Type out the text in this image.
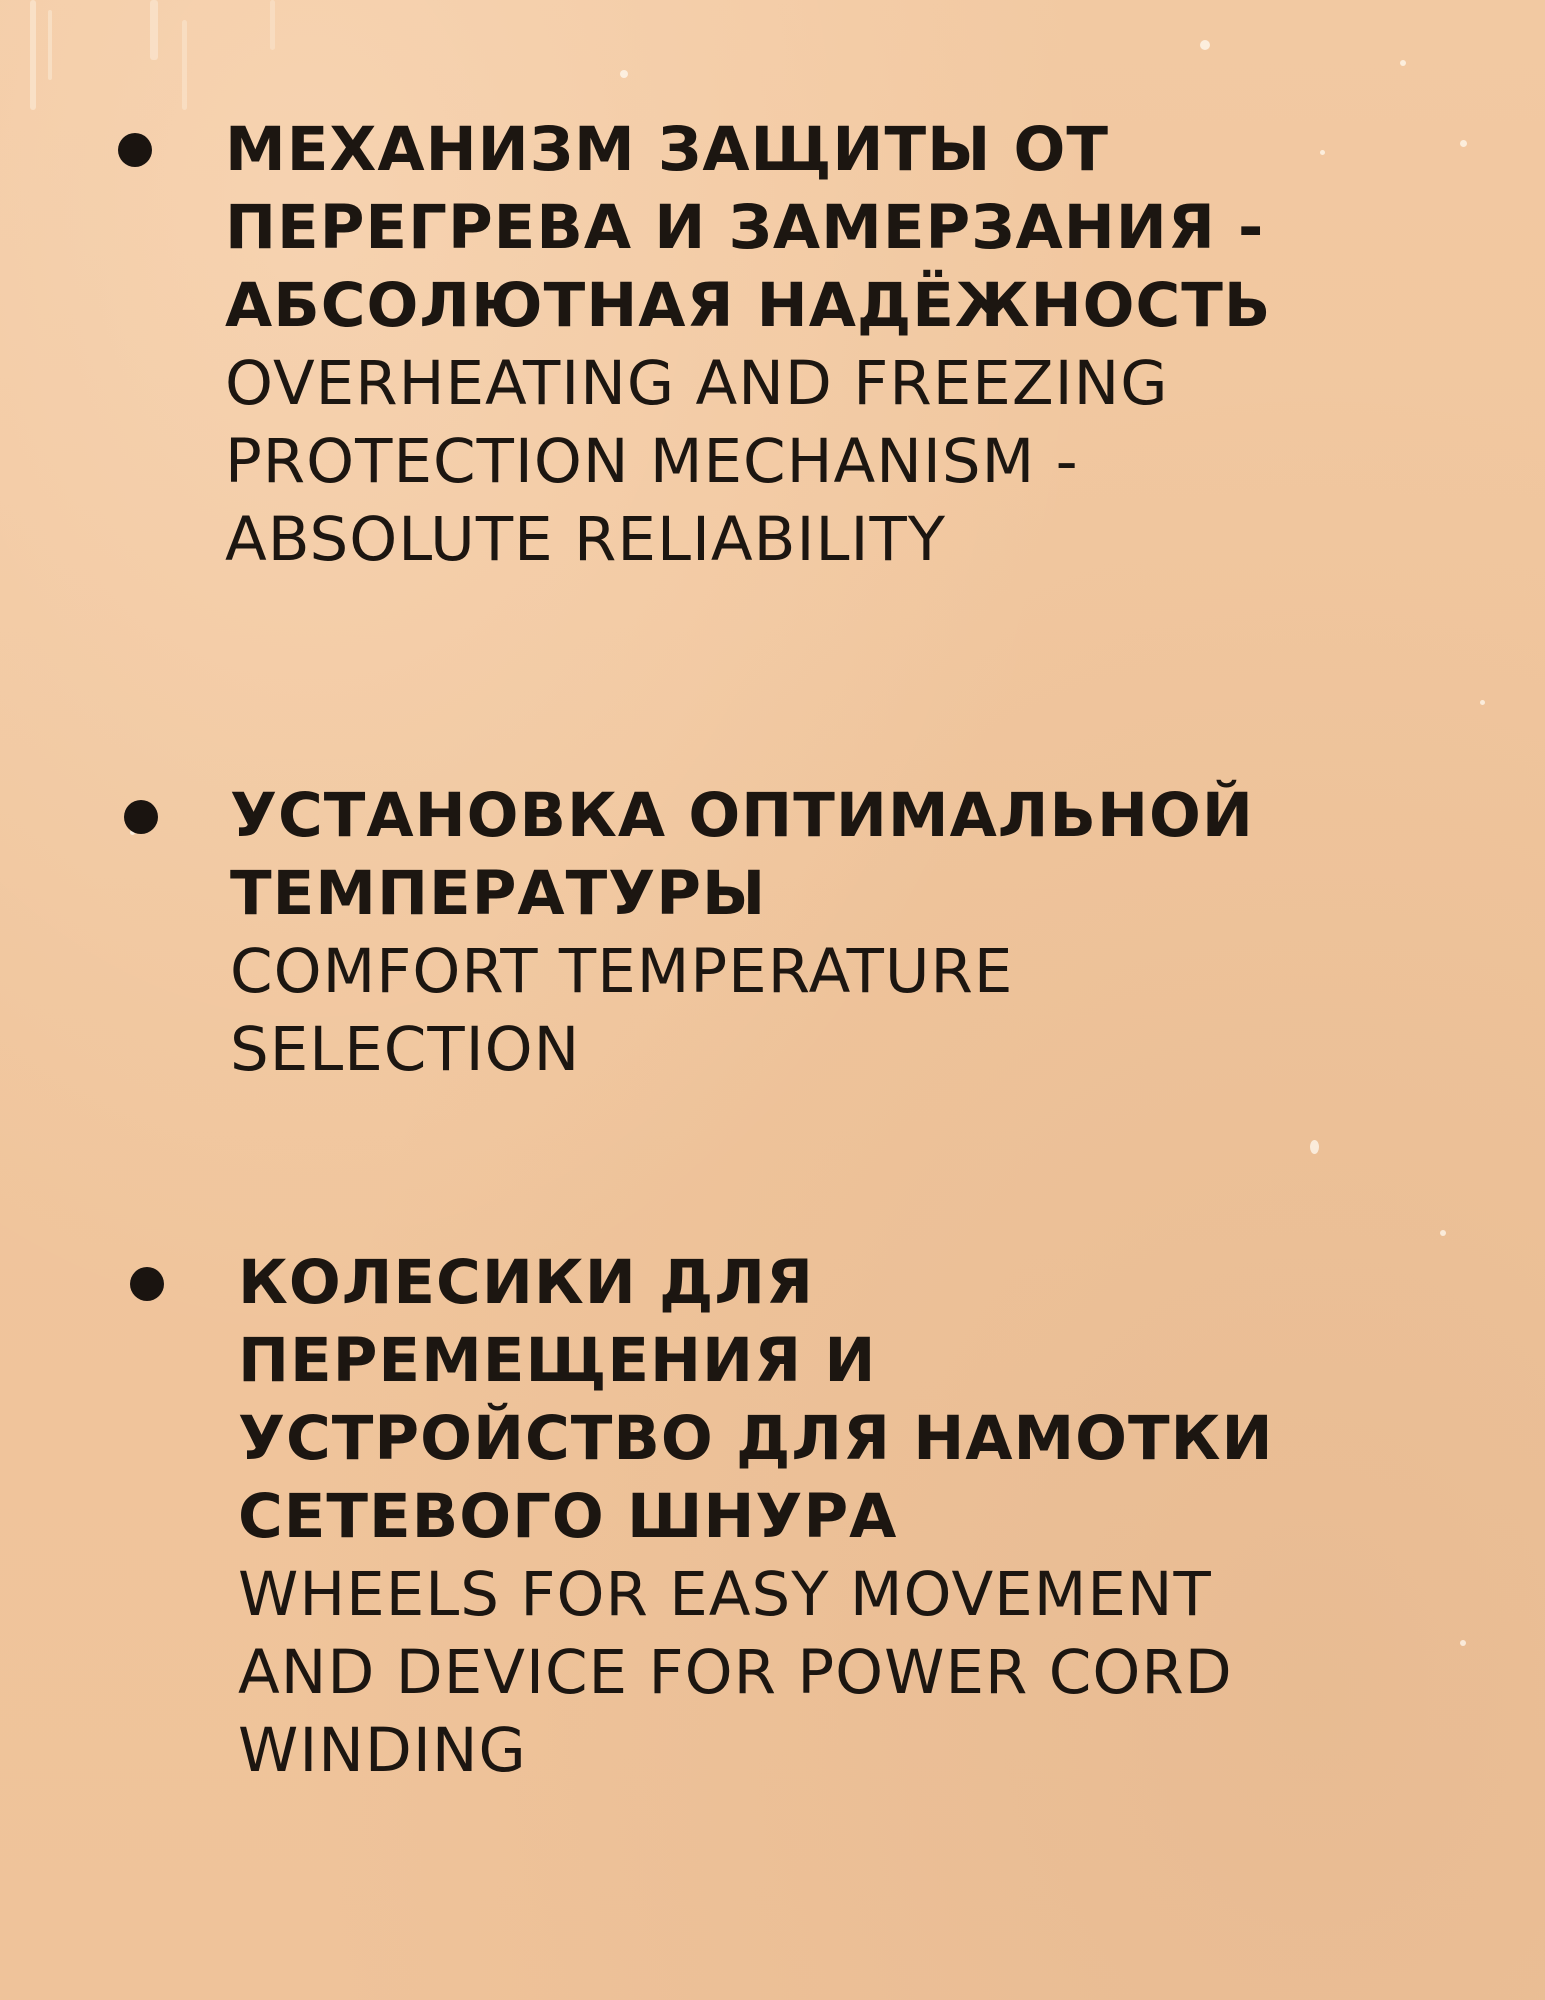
МЕХАНИЗМ ЗАЩИТЫ ОТ
ПЕРЕГРЕВА И ЗАМЕРЗАНИЯ -
АБСОЛЮТНАЯ НАДЁЖНОСТЬ
OVERHEATING AND FREEZING
PROTECTION MECHANISM -
ABSOLUTE RELIABILITY
УСТАНОВКА ОПТИМАЛЬНОЙ
ТЕМПЕРАТУРЫ
COMFORT TEMPERATURE
SELECTION
КОЛЕСИКИ ДЛЯ
ПЕРЕМЕЩЕНИЯ И
УСТРОЙСТВО ДЛЯ НАМОТКИ
СЕТЕВОГО ШНУРА
WHEELS FOR EASY MOVEMENT
AND DEVICE FOR POWER CORD
WINDING
